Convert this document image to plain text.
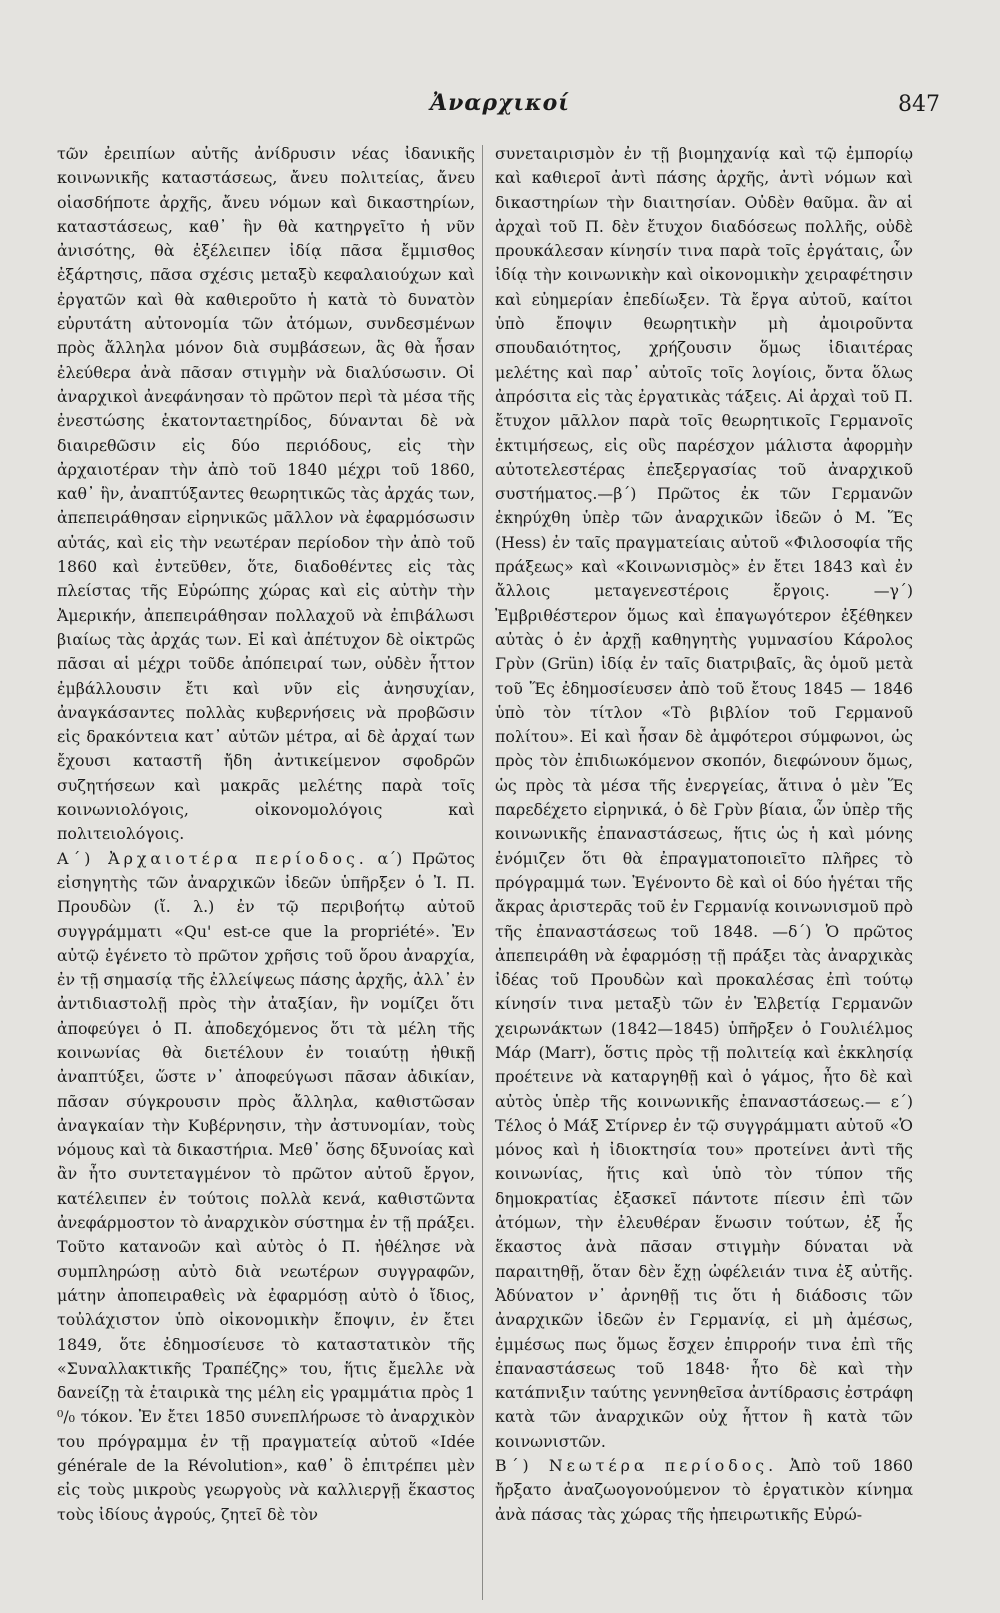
Ἀναρχικοί	847

τῶν ἐρειπίων αὐτῆς ἀνίδρυσιν νέας ἰδανικῆς κοινωνικῆς καταστάσεως, ἄνευ πολιτείας, ἄνευ οἱασδήποτε ἀρχῆς, ἄνευ νόμων καὶ δικαστηρίων, καταστάσεως, καθ᾽ ἣν θὰ κατηργεῖτο ἡ νῦν ἀνισότης, θὰ ἐξέλειπεν ἰδίᾳ πᾶσα ἔμμισθος ἐξάρτησις, πᾶσα σχέσις μεταξὺ κεφαλαιούχων καὶ ἐργατῶν καὶ θὰ καθιεροῦτο ἡ κατὰ τὸ δυνατὸν εὐρυτάτη αὐτονομία τῶν ἀτόμων, συνδεσμένων πρὸς ἄλληλα μόνον διὰ συμβάσεων, ἃς θὰ ἦσαν ἐλεύθερα ἀνὰ πᾶσαν στιγμὴν νὰ διαλύσωσιν. Οἱ ἀναρχικοὶ ἀνεφάνησαν τὸ πρῶτον περὶ τὰ μέσα τῆς ἐνεστώσης ἑκατονταετηρίδος, δύνανται δὲ νὰ διαιρεθῶσιν εἰς δύο περιόδους, εἰς τὴν ἀρχαιοτέραν τὴν ἀπὸ τοῦ 1840 μέχρι τοῦ 1860, καθ᾽ ἣν, ἀναπτύξαντες θεωρητικῶς τὰς ἀρχάς των, ἀπεπειράθησαν εἰρηνικῶς μᾶλλον νὰ ἐφαρμόσωσιν αὐτάς, καὶ εἰς τὴν νεωτέραν περίοδον τὴν ἀπὸ τοῦ 1860 καὶ ἐντεῦθεν, ὅτε, διαδοθέντες εἰς τὰς πλείστας τῆς Εὐρώπης χώρας καὶ εἰς αὐτὴν τὴν Ἀμερικήν, ἀπεπειράθησαν πολλαχοῦ νὰ ἐπιβάλωσι βιαίως τὰς ἀρχάς των. Εἰ καὶ ἀπέτυχον δὲ οἰκτρῶς πᾶσαι αἱ μέχρι τοῦδε ἀπόπειραί των, οὐδὲν ἧττον ἐμβάλλουσιν ἔτι καὶ νῦν εἰς ἀνησυχίαν, ἀναγκάσαντες πολλὰς κυβερνήσεις νὰ προβῶσιν εἰς δρακόντεια κατ᾽ αὐτῶν μέτρα, αἱ δὲ ἀρχαί των ἔχουσι καταστῆ ἤδη ἀντικείμενον σφοδρῶν συζητήσεων καὶ μακρᾶς μελέτης παρὰ τοῖς κοινωνιολόγοις, οἰκονομολόγοις καὶ πολιτειολόγοις.

Α΄) Ἀρχαιοτέρα περίοδος. α΄) Πρῶτος εἰσηγητὴς τῶν ἀναρχικῶν ἰδεῶν ὑπῆρξεν ὁ Ἰ. Π. Προυδὼν (ἴ. λ.) ἐν τῷ περιβοήτῳ αὐτοῦ συγγράμματι «Qu' est-ce que la propriété». Ἐν αὐτῷ ἐγένετο τὸ πρῶτον χρῆσις τοῦ ὅρου ἀναρχία, ἐν τῇ σημασίᾳ τῆς ἐλλείψεως πάσης ἀρχῆς, ἀλλ᾽ ἐν ἀντιδιαστολῇ πρὸς τὴν ἀταξίαν, ἣν νομίζει ὅτι ἀποφεύγει ὁ Π. ἀποδεχόμενος ὅτι τὰ μέλη τῆς κοινωνίας θὰ διετέλουν ἐν τοιαύτῃ ἠθικῇ ἀναπτύξει, ὥστε ν᾽ ἀποφεύγωσι πᾶσαν ἀδικίαν, πᾶσαν σύγκρουσιν πρὸς ἄλληλα, καθιστῶσαν ἀναγκαίαν τὴν Κυβέρνησιν, τὴν ἀστυνομίαν, τοὺς νόμους καὶ τὰ δικαστήρια. Μεθ᾽ ὅσης δξυνοίας καὶ ἂν ἦτο συντεταγμένον τὸ πρῶτον αὐτοῦ ἔργον, κατέλειπεν ἐν τούτοις πολλὰ κενά, καθιστῶντα ἀνεφάρμοστον τὸ ἀναρχικὸν σύστημα ἐν τῇ πράξει. Τοῦτο κατανοῶν καὶ αὐτὸς ὁ Π. ἠθέλησε νὰ συμπληρώσῃ αὐτὸ διὰ νεωτέρων συγγραφῶν, μάτην ἀποπειραθεὶς νὰ ἐφαρμόσῃ αὐτὸ ὁ ἴδιος, τοὐλάχιστον ὑπὸ οἰκονομικὴν ἔποψιν, ἐν ἔτει 1849, ὅτε ἐδημοσίευσε τὸ καταστατικὸν τῆς «Συναλλακτικῆς Τραπέζης» του, ἥτις ἔμελλε νὰ δανείζῃ τὰ ἑταιρικὰ της μέλη εἰς γραμμάτια πρὸς 1 ⁰/₀ τόκον. Ἐν ἔτει 1850 συνεπλήρωσε τὸ ἀναρχικὸν του πρόγραμμα ἐν τῇ πραγματείᾳ αὐτοῦ «Idée générale de la Révolution», καθ᾽ ὃ ἐπιτρέπει μὲν εἰς τοὺς μικροὺς γεωργοὺς νὰ καλλιεργῇ ἕκαστος τοὺς ἰδίους ἀγρούς, ζητεῖ δὲ τὸν

συνεταιρισμὸν ἐν τῇ βιομηχανίᾳ καὶ τῷ ἐμπορίῳ καὶ καθιεροῖ ἀντὶ πάσης ἀρχῆς, ἀντὶ νόμων καὶ δικαστηρίων τὴν διαιτησίαν. Οὐδὲν θαῦμα. ἂν αἱ ἀρχαὶ τοῦ Π. δὲν ἔτυχον διαδόσεως πολλῆς, οὐδὲ προυκάλεσαν κίνησίν τινα παρὰ τοῖς ἐργάταις, ὧν ἰδίᾳ τὴν κοινωνικὴν καὶ οἰκονομικὴν χειραφέτησιν καὶ εὐημερίαν ἐπεδίωξεν. Τὰ ἔργα αὐτοῦ, καίτοι ὑπὸ ἔποψιν θεωρητικὴν μὴ ἀμοιροῦντα σπουδαιότητος, χρήζουσιν ὅμως ἰδιαιτέρας μελέτης καὶ παρ᾽ αὐτοῖς τοῖς λογίοις, ὄντα ὅλως ἀπρόσιτα εἰς τὰς ἐργατικὰς τάξεις. Αἱ ἀρχαὶ τοῦ Π. ἔτυχον μᾶλλον παρὰ τοῖς θεωρητικοῖς Γερμανοῖς ἐκτιμήσεως, εἰς οὓς παρέσχον μάλιστα ἀφορμὴν αὐτοτελεστέρας ἐπεξεργασίας τοῦ ἀναρχικοῦ συστήματος.—β΄) Πρῶτος ἐκ τῶν Γερμανῶν ἐκηρύχθη ὑπὲρ τῶν ἀναρχικῶν ἰδεῶν ὁ Μ. Ἕς (Hess) ἐν ταῖς πραγματείαις αὐτοῦ «Φιλοσοφία τῆς πράξεως» καὶ «Κοινωνισμὸς» ἐν ἔτει 1843 καὶ ἐν ἄλλοις μεταγενεστέροις ἔργοις. —γ΄) Ἐμβριθέστερον ὅμως καὶ ἐπαγωγότερον ἐξέθηκεν αὐτὰς ὁ ἐν ἀρχῇ καθηγητὴς γυμνασίου Κάρολος Γρὺν (Grün) ἰδίᾳ ἐν ταῖς διατριβαῖς, ἃς ὁμοῦ μετὰ τοῦ Ἕς ἐδημοσίευσεν ἀπὸ τοῦ ἔτους 1845 — 1846 ὑπὸ τὸν τίτλον «Τὸ βιβλίον τοῦ Γερμανοῦ πολίτου». Εἰ καὶ ἦσαν δὲ ἀμφότεροι σύμφωνοι, ὡς πρὸς τὸν ἐπιδιωκόμενον σκοπόν, διεφώνουν ὅμως, ὡς πρὸς τὰ μέσα τῆς ἐνεργείας, ἅτινα ὁ μὲν Ἕς παρεδέχετο εἰρηνικά, ὁ δὲ Γρὺν βίαια, ὧν ὑπὲρ τῆς κοινωνικῆς ἐπαναστάσεως, ἥτις ὡς ἡ καὶ μόνης ἐνόμιζεν ὅτι θὰ ἐπραγματοποιεῖτο πλῆρες τὸ πρόγραμμά των. Ἐγένοντο δὲ καὶ οἱ δύο ἡγέται τῆς ἄκρας ἀριστερᾶς τοῦ ἐν Γερμανίᾳ κοινωνισμοῦ πρὸ τῆς ἐπαναστάσεως τοῦ 1848. —δ΄) Ὁ πρῶτος ἀπεπειράθη νὰ ἐφαρμόσῃ τῇ πράξει τὰς ἀναρχικὰς ἰδέας τοῦ Προυδὼν καὶ προκαλέσας ἐπὶ τούτῳ κίνησίν τινα μεταξὺ τῶν ἐν Ἑλβετίᾳ Γερμανῶν χειρωνάκτων (1842—1845) ὑπῆρξεν ὁ Γουλιέλμος Μάρ (Marr), ὅστις πρὸς τῇ πολιτείᾳ καὶ ἐκκλησίᾳ προέτεινε νὰ καταργηθῇ καὶ ὁ γάμος, ἦτο δὲ καὶ αὐτὸς ὑπὲρ τῆς κοινωνικῆς ἐπαναστάσεως.— ε΄) Τέλος ὁ Μάξ Στίρνερ ἐν τῷ συγγράμματι αὐτοῦ «Ὁ μόνος καὶ ἡ ἰδιοκτησία του» προτείνει ἀντὶ τῆς κοινωνίας, ἥτις καὶ ὑπὸ τὸν τύπον τῆς δημοκρατίας ἐξασκεῖ πάντοτε πίεσιν ἐπὶ τῶν ἀτόμων, τὴν ἐλευθέραν ἕνωσιν τούτων, ἐξ ἧς ἕκαστος ἀνὰ πᾶσαν στιγμὴν δύναται νὰ παραιτηθῇ, ὅταν δὲν ἔχῃ ὠφέλειάν τινα ἐξ αὐτῆς. Ἀδύνατον ν᾽ ἀρνηθῇ τις ὅτι ἡ διάδοσις τῶν ἀναρχικῶν ἰδεῶν ἐν Γερμανίᾳ, εἰ μὴ ἀμέσως, ἐμμέσως πως ὅμως ἔσχεν ἐπιρροήν τινα ἐπὶ τῆς ἐπαναστάσεως τοῦ 1848· ἦτο δὲ καὶ τὴν κατάπνιξιν ταύτης γεννηθεῖσα ἀντίδρασις ἐστράφη κατὰ τῶν ἀναρχικῶν οὐχ ἧττον ἢ κατὰ τῶν κοινωνιστῶν.

Β΄) Νεωτέρα περίοδος. Ἀπὸ τοῦ 1860 ἤρξατο ἀναζωογονούμενον τὸ ἐργατικὸν κίνημα ἀνὰ πάσας τὰς χώρας τῆς ἠπειρωτικῆς Εὐρώ-
